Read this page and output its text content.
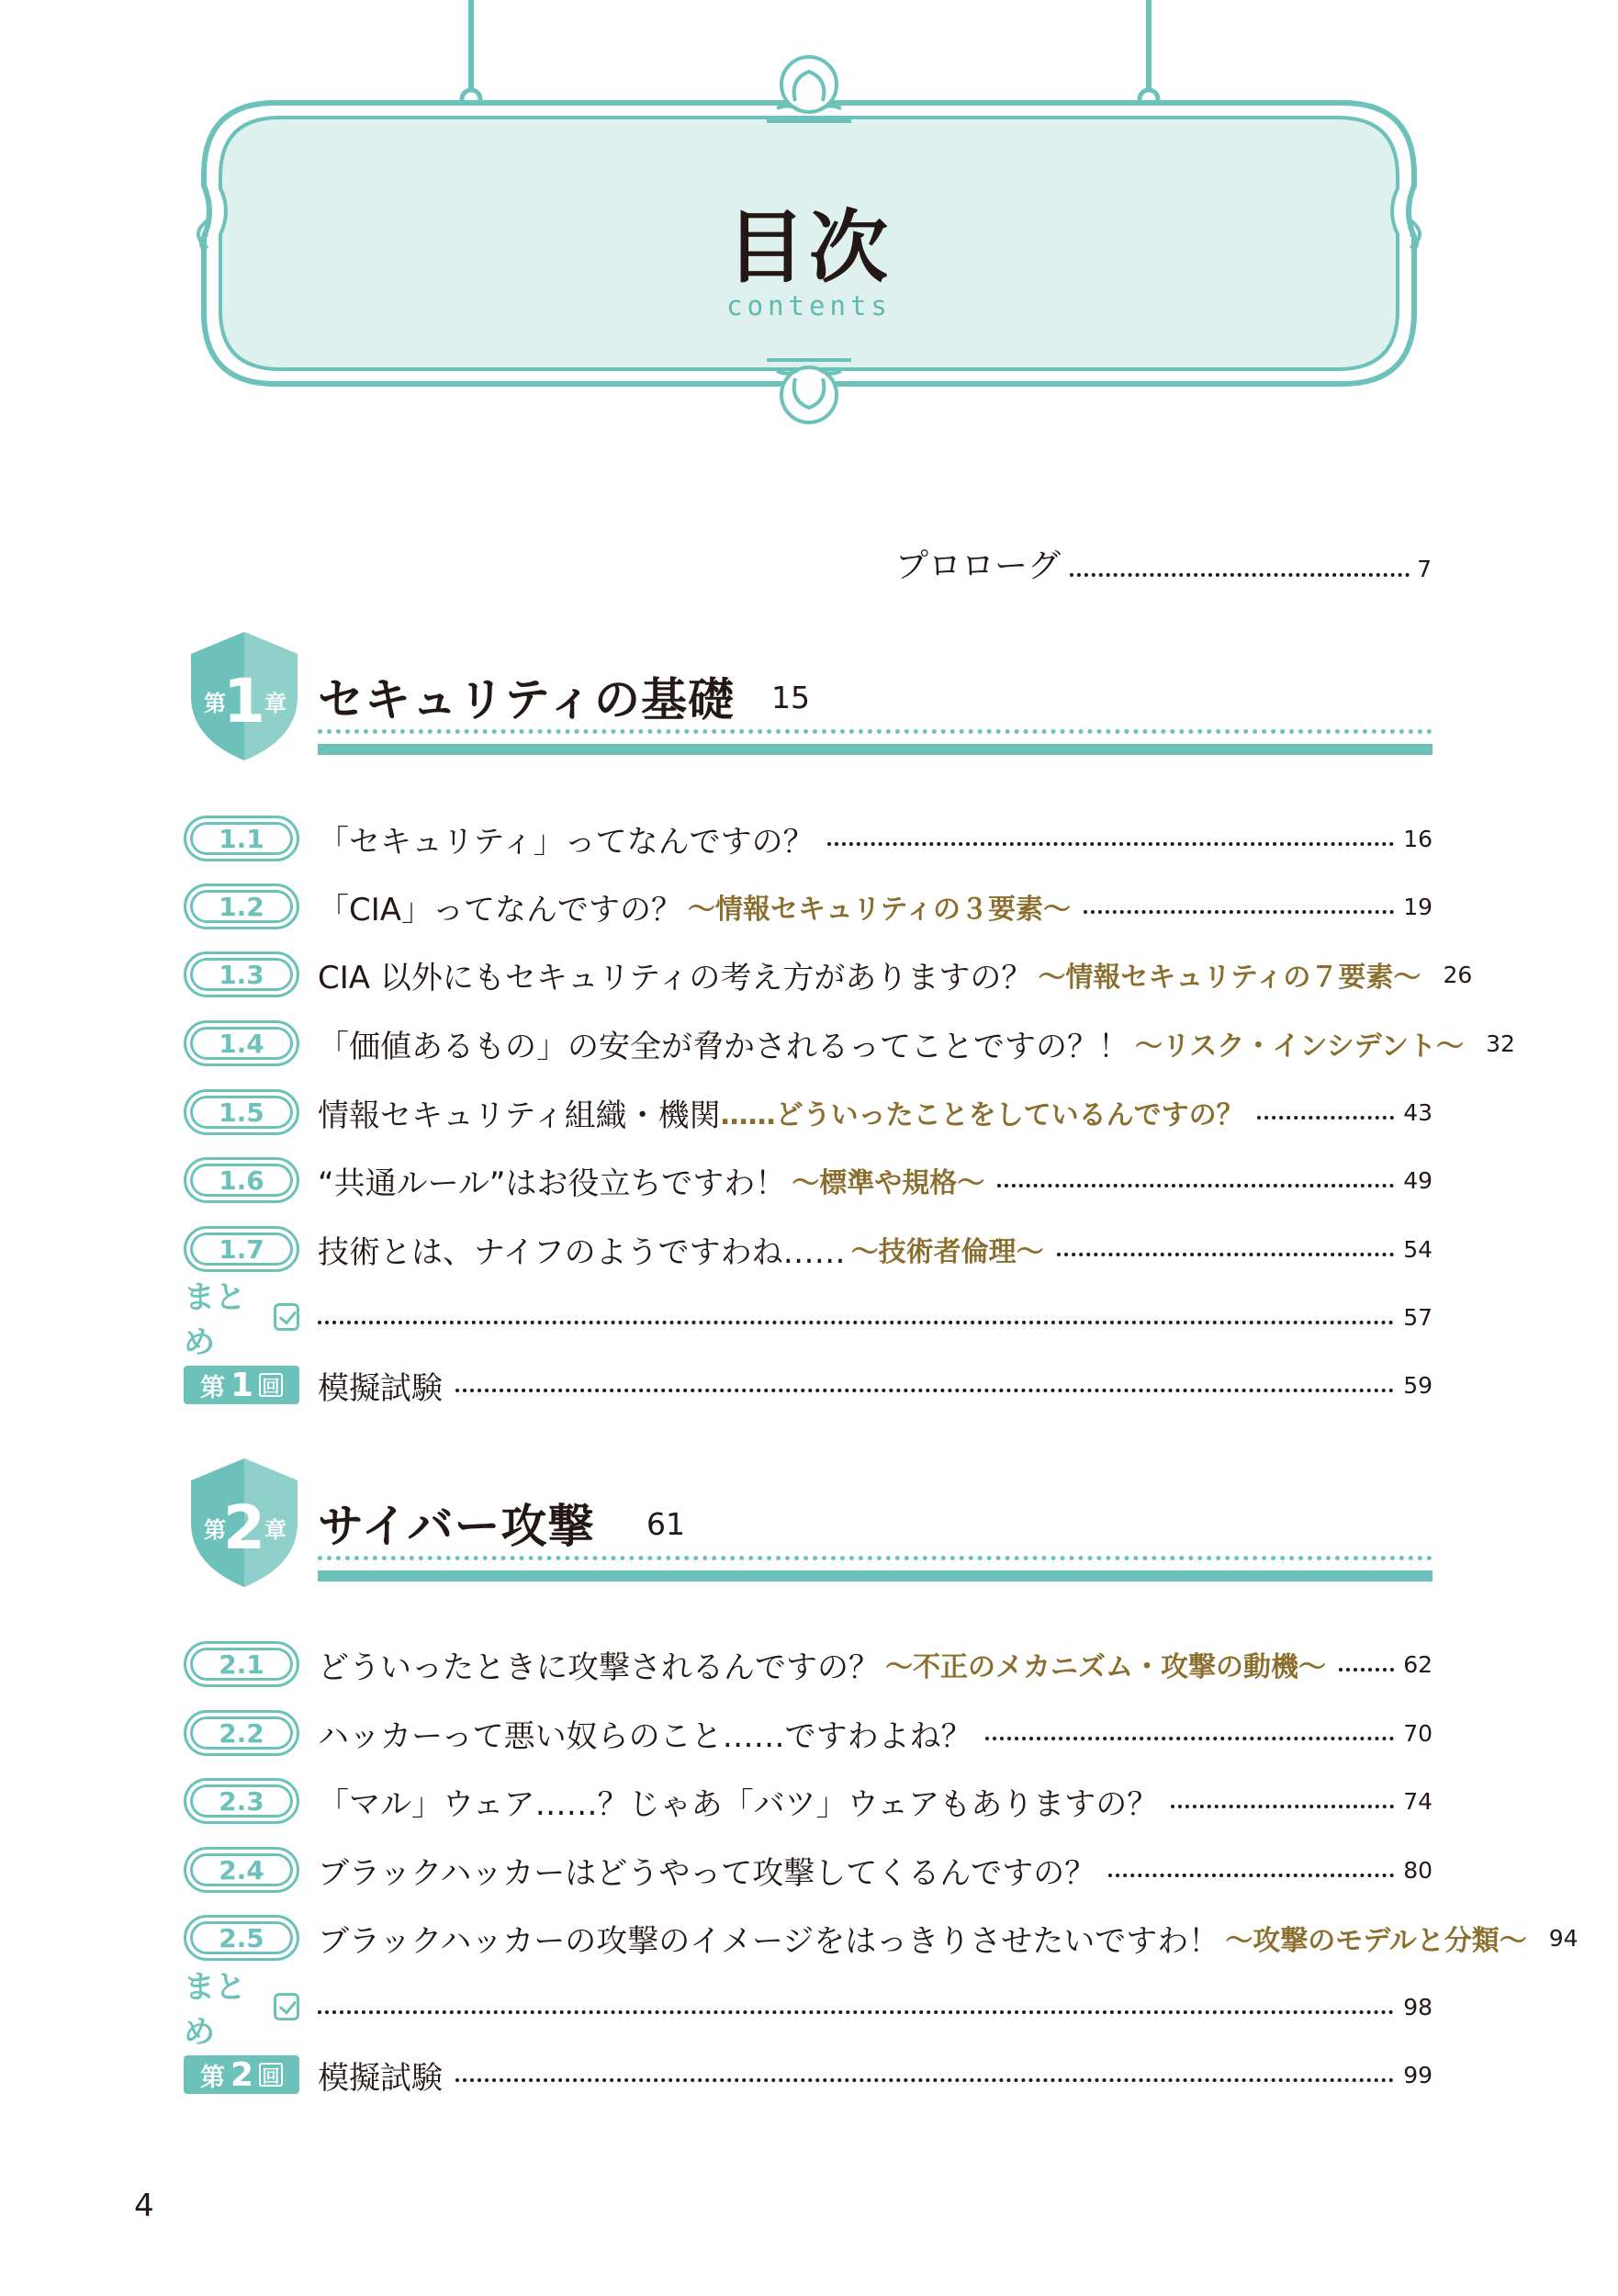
目次
contents
プロローグ	7
第
1 章 セキュリティの基礎 15
1.1	「セキュリティ」ってなんですの？	16
1.2	「CIA」ってなんですの？ ～情報セキュリティの３要素～	19
1.3	CIA 以外にもセキュリティの考え方がありますの？ ～情報セキュリティの７要素～ 26
1.4	「価値あるもの」の安全が脅かされるってことですの？！ ～リスク・インシデント～ 32
1.5	情報セキュリティ組織・機関 ……どういったことをしているんですの？	43
1.6	“共通ルール”はお役立ちですわ！ ～標準や規格～	49
1.7	技術とは、ナイフのようですわね…… ～技術者倫理～	54
まとめ
57
第 1 回 模擬試験	59
第
2 章 サイバー攻撃 61
2.1	どういったときに攻撃されるんですの？ ～不正のメカニズム・攻撃の動機～	62
2.2	ハッカーって悪い奴らのこと……ですわよね？	70
2.3	「マル」ウェア……？じゃあ「バツ」ウェアもありますの？	74
2.4	ブラックハッカーはどうやって攻撃してくるんですの？	80
2.5	ブラックハッカーの攻撃のイメージをはっきりさせたいですわ！ ～攻撃のモデルと分類～ 94
まとめ
98
第 2 回 模擬試験	99
4
